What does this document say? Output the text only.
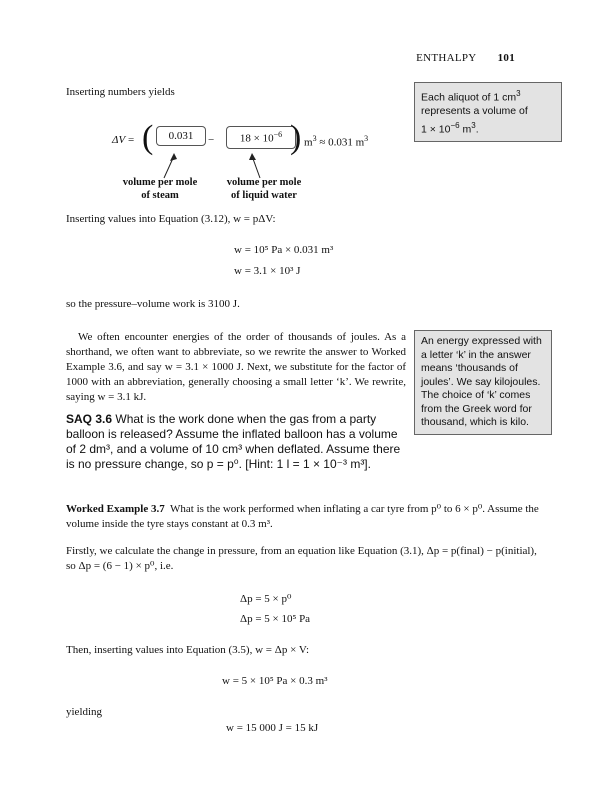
ENTHALPY 101
Inserting numbers yields	Each aliquot of 1 $cm^3$
represents a volume of
$1 \times 10^{-6}$ $m^3$.
ΔV = (	0.031	−	$18 \times 10^{-6}$ ) $m^3 \approx 0.031$ $m^3$
volume per mole
of steam
volume per mole
of liquid water
Inserting values into Equation (3.12), w = pΔV:
w = 10⁵ Pa × 0.031 m³
w = 3.1 × 10³ J
so the pressure–volume work is 3100 J.
We often encounter energies of the order of thousands of joules. As a shorthand, we often want to abbreviate, so we rewrite the answer to Worked Example 3.6, and say w = 3.1 × 1000 J. Next, we substitute for the factor of 1000 with an abbreviation, generally choosing a small letter ‘k’. We rewrite, saying w = 3.1 kJ.
An energy expressed with a letter ‘k’ in the answer means ‘thousands of joules’. We say kilojoules. The choice of ‘k’ comes from the Greek word for thousand, which is kilo.
SAQ 3.6 What is the work done when the gas from a party balloon is released? Assume the inflated balloon has a volume of 2 dm³, and a volume of 10 cm³ when deflated. Assume there is no pressure change, so p = p⁰. [Hint: 1 l = 1 × 10⁻³ m³].
Worked Example 3.7 What is the work performed when inflating a car tyre from p⁰ to 6 × p⁰. Assume the volume inside the tyre stays constant at 0.3 m³.
Firstly, we calculate the change in pressure, from an equation like Equation (3.1), Δp = p(final) − p(initial), so Δp = (6 − 1) × p⁰, i.e.
Δp = 5 × p⁰
Δp = 5 × 10⁵ Pa
Then, inserting values into Equation (3.5), w = Δp × V:
w = 5 × 10⁵ Pa × 0.3 m³
yielding
w = 15 000 J = 15 kJ
